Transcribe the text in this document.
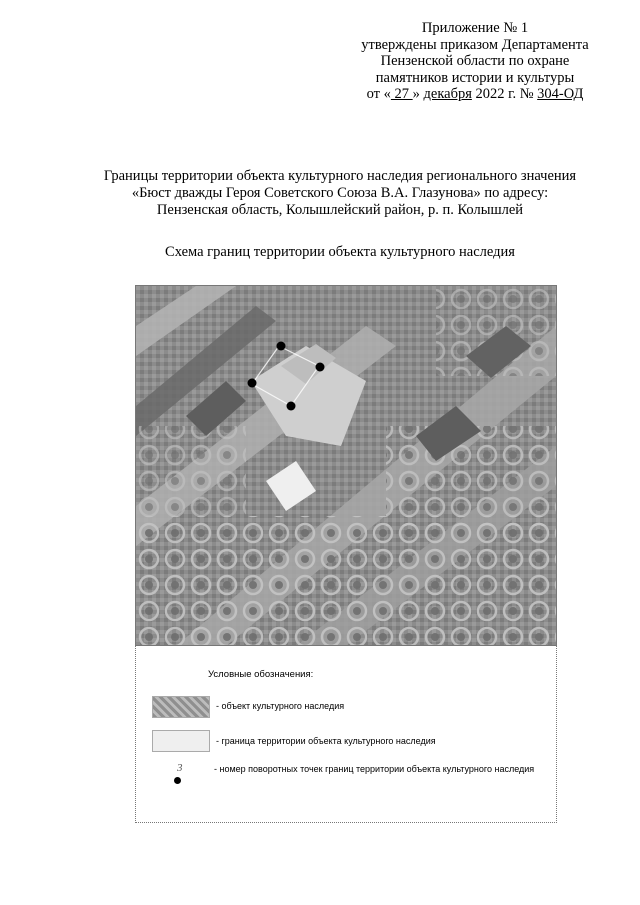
Приложение № 1
утверждены приказом Департамента
Пензенской области по охране
памятников истории и культуры
от « 27 » декабря 2022 г. № 304-ОД
Границы территории объекта культурного наследия регионального значения
«Бюст дважды Героя Советского Союза В.А. Глазунова» по адресу:
Пензенская область, Колышлейский район, р. п. Колышлей
Схема границ территории объекта культурного наследия
Условные обозначения:
- объект культурного наследия
- граница территории объекта культурного наследия
3	- номер поворотных точек границ территории объекта культурного наследия
